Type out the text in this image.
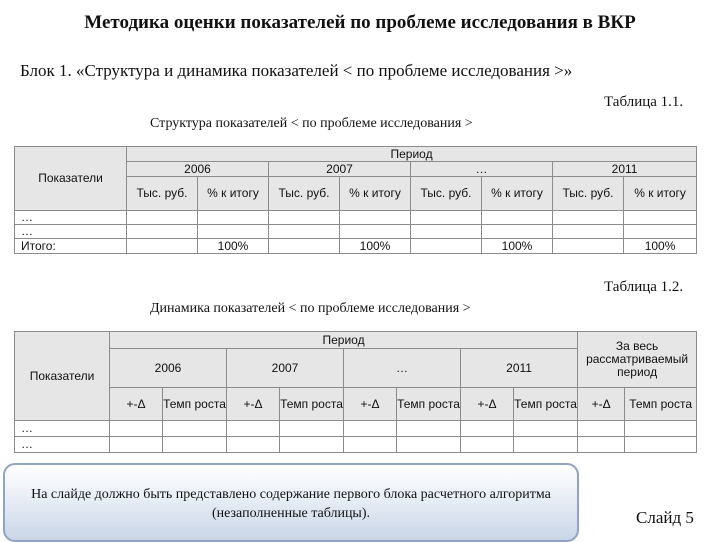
Методика оценки показателей по проблеме исследования в ВКР
Блок 1. «Структура и динамика показателей < по проблеме исследования >»
Таблица 1.1.
Структура показателей < по проблеме исследования >
Показатели	Период							
	2006		2007		…		2011	
	Тыс. руб.	% к итогу	Тыс. руб.	% к итогу	Тыс. руб.	% к итогу	Тыс. руб.	% к итогу
…								
…								
Итого:		100%		100%		100%		100%
Таблица 1.2.
Динамика показателей < по проблеме исследования >
Показатели	Период								За весь рассматриваемый период	
	2006		2007		…		2011			
	+-Δ	Темп роста	+-Δ	Темп роста	+-Δ	Темп роста	+-Δ	Темп роста	+-Δ	Темп роста
…										
…										
На слайде должно быть представлено содержание первого блока расчетного алгоритма (незаполненные таблицы).	Слайд 5
